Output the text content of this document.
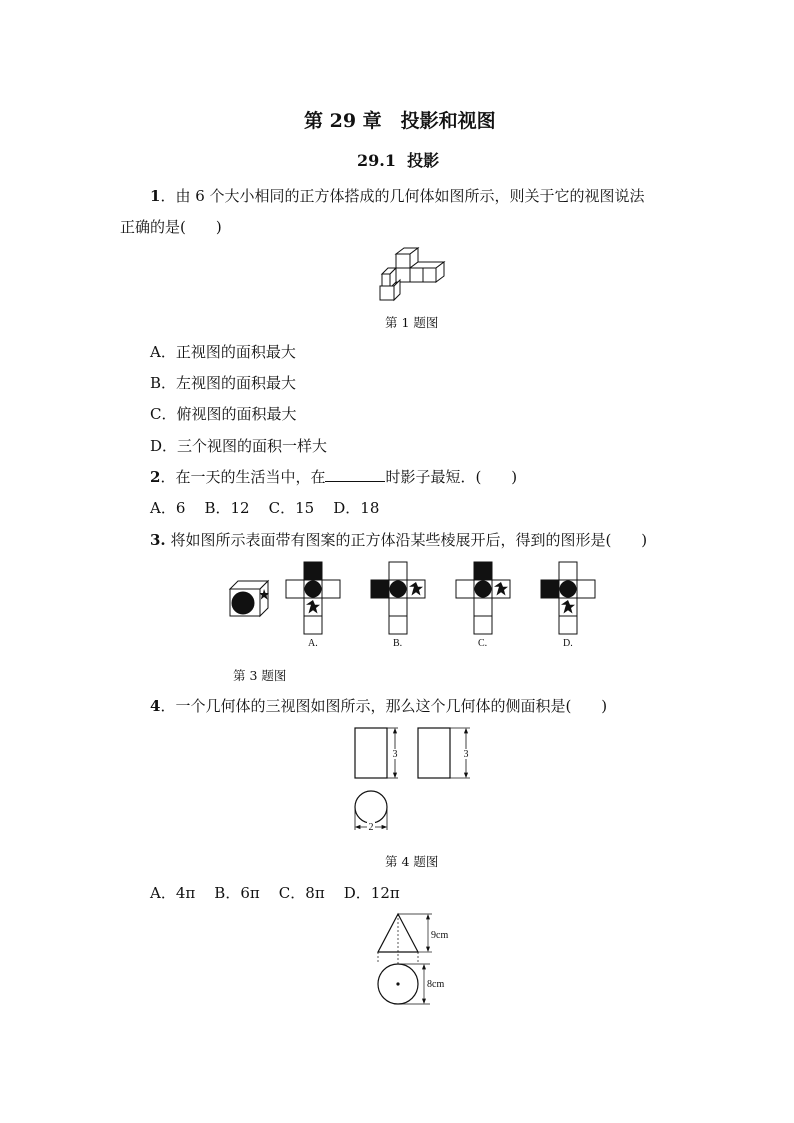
第 29 章　投影和视图
29.1  投影
1．由 6 个大小相同的正方体搭成的几何体如图所示，则关于它的视图说法
正确的是(　　)
第 1 题图
A．正视图的面积最大
B．左视图的面积最大
C．俯视图的面积最大
D．三个视图的面积一样大
2．在一天的生活当中，在	时影子最短．(　　)
A．6    B．12    C．15    D．18
3. 将如图所示表面带有图案的正方体沿某些棱展开后，得到的图形是(　　)
A.	B.	C.	D.
第 3 题图
4．一个几何体的三视图如图所示，那么这个几何体的侧面积是(　　)
3	3
2
第 4 题图
A．4π    B．6π    C．8π    D．12π
9cm
8cm
